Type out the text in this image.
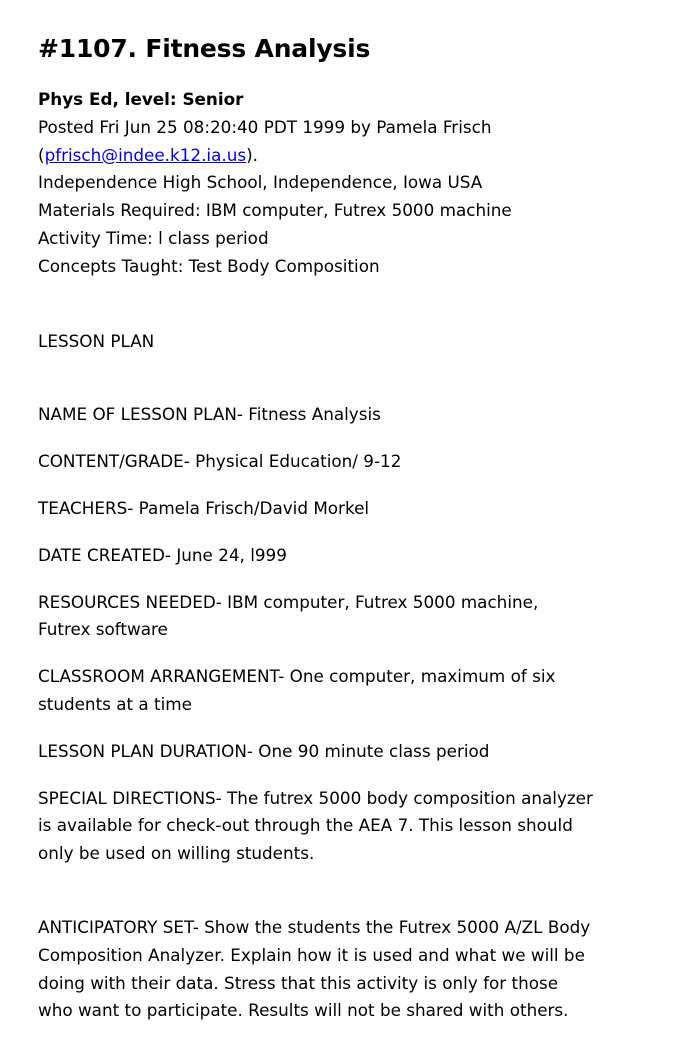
#1107. Fitness Analysis
Phys Ed, level: Senior
Posted Fri Jun 25 08:20:40 PDT 1999 by Pamela Frisch
(pfrisch@indee.k12.ia.us).
Independence High School, Independence, Iowa USA
Materials Required: IBM computer, Futrex 5000 machine
Activity Time: l class period
Concepts Taught: Test Body Composition

LESSON PLAN

NAME OF LESSON PLAN- Fitness Analysis

CONTENT/GRADE- Physical Education/ 9-12

TEACHERS- Pamela Frisch/David Morkel

DATE CREATED- June 24, l999

RESOURCES NEEDED- IBM computer, Futrex 5000 machine, Futrex software

CLASSROOM ARRANGEMENT- One computer, maximum of six students at a time

LESSON PLAN DURATION- One 90 minute class period

SPECIAL DIRECTIONS- The futrex 5000 body composition analyzer is available for check-out through the AEA 7. This lesson should only be used on willing students.

ANTICIPATORY SET- Show the students the Futrex 5000 A/ZL Body Composition Analyzer. Explain how it is used and what we will be doing with their data. Stress that this activity is only for those who want to participate. Results will not be shared with others.
